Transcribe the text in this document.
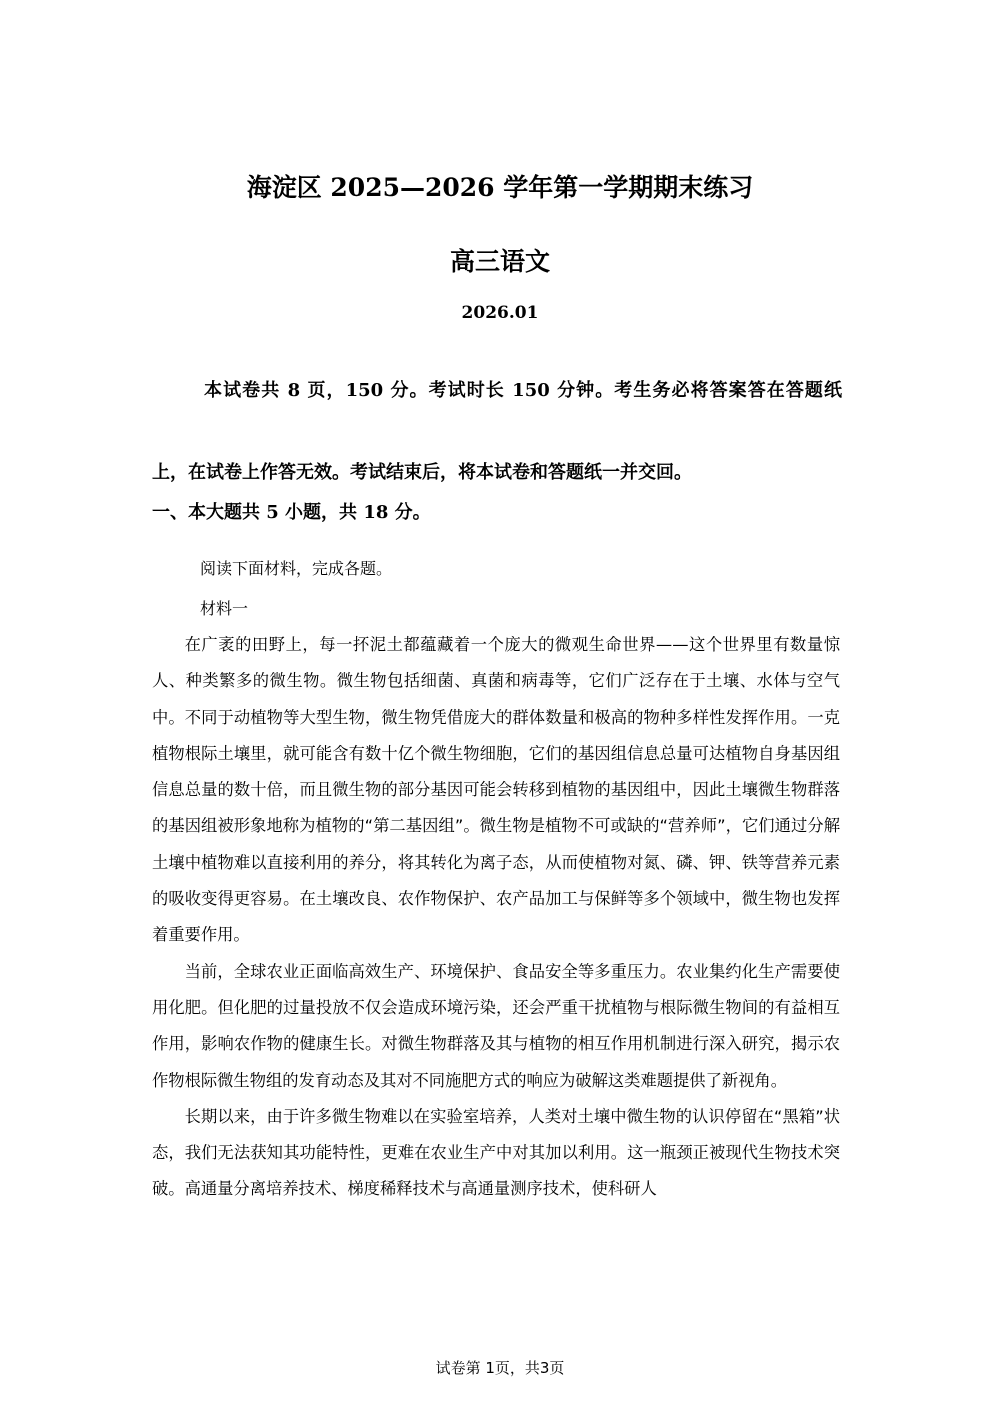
海淀区 2025—2026 学年第一学期期末练习
高三语文
2026.01
本试卷共 8 页，150 分。考试时长 150 分钟。考生务必将答案答在答题纸上，在试卷上作答无效。考试结束后，将本试卷和答题纸一并交回。
一、本大题共 5 小题，共 18 分。
阅读下面材料，完成各题。
材料一

在广袤的田野上，每一抔泥土都蕴藏着一个庞大的微观生命世界——这个世界里有数量惊人、种类繁多的微生物。微生物包括细菌、真菌和病毒等，它们广泛存在于土壤、水体与空气中。不同于动植物等大型生物，微生物凭借庞大的群体数量和极高的物种多样性发挥作用。一克植物根际土壤里，就可能含有数十亿个微生物细胞，它们的基因组信息总量可达植物自身基因组信息总量的数十倍，而且微生物的部分基因可能会转移到植物的基因组中，因此土壤微生物群落的基因组被形象地称为植物的“第二基因组”。微生物是植物不可或缺的“营养师”，它们通过分解土壤中植物难以直接利用的养分，将其转化为离子态，从而使植物对氮、磷、钾、铁等营养元素的吸收变得更容易。在土壤改良、农作物保护、农产品加工与保鲜等多个领域中，微生物也发挥着重要作用。

当前，全球农业正面临高效生产、环境保护、食品安全等多重压力。农业集约化生产需要使用化肥。但化肥的过量投放不仅会造成环境污染，还会严重干扰植物与根际微生物间的有益相互作用，影响农作物的健康生长。对微生物群落及其与植物的相互作用机制进行深入研究，揭示农作物根际微生物组的发育动态及其对不同施肥方式的响应为破解这类难题提供了新视角。

长期以来，由于许多微生物难以在实验室培养，人类对土壤中微生物的认识停留在“黑箱”状态，我们无法获知其功能特性，更难在农业生产中对其加以利用。这一瓶颈正被现代生物技术突破。高通量分离培养技术、梯度稀释技术与高通量测序技术，使科研人

试卷第 1页，共3页
